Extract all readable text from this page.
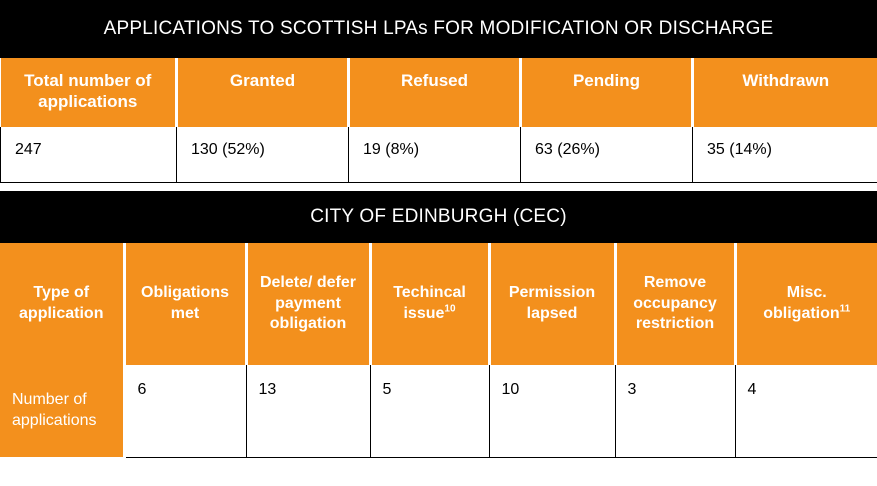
APPLICATIONS TO SCOTTISH LPAs FOR MODIFICATION OR DISCHARGE
Total number of applications	Granted	Refused	Pending	Withdrawn
247	130 (52%)	19 (8%)	63 (26%)	35 (14%)
CITY OF EDINBURGH (CEC)
Type of application	Obligations met	Delete/ defer payment obligation	Techincal issue$^{10}$	Permission lapsed	Remove occupancy restriction	Misc. obligation$^{11}$
Number of applications	6	13	5	10	3	4
